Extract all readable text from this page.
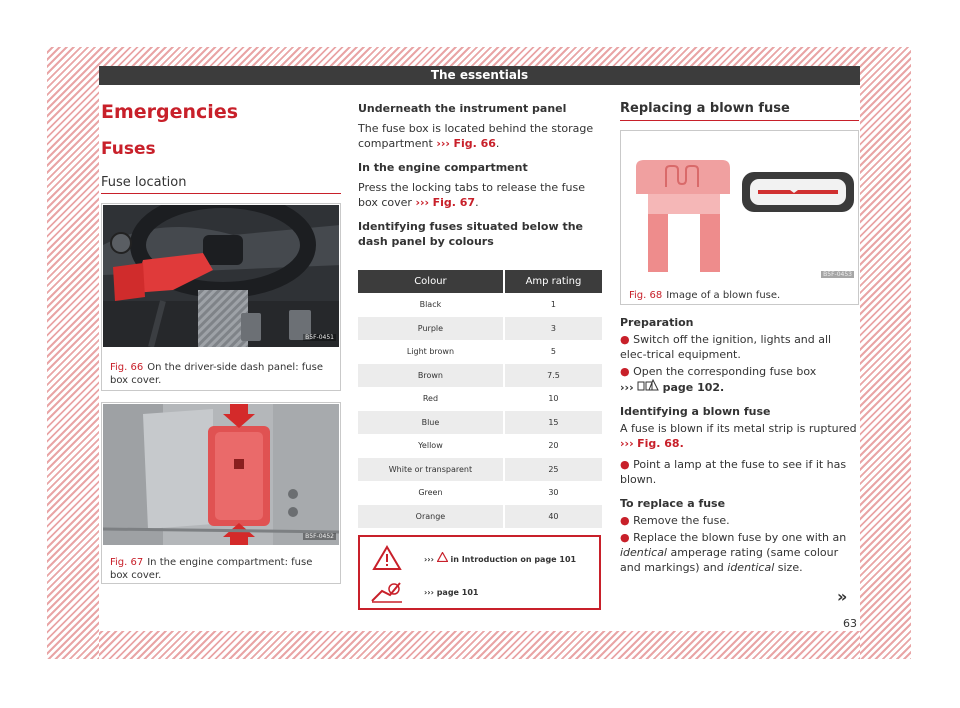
The essentials
Emergencies
Fuses
Fuse location
B5F-0451
Fig. 66 On the driver-side dash panel: fuse box cover.
B5F-0452
Fig. 67 In the engine compartment: fuse box cover.
Underneath the instrument panel
The fuse box is located behind the storage compartment ››› Fig. 66.
In the engine compartment
Press the locking tabs to release the fuse box cover ››› Fig. 67.
Identifying fuses situated below the dash panel by colours
Colour	Amp rating
Black	1
Purple	3
Light brown	5
Brown	7.5
Red	10
Blue	15
Yellow	20
White or transparent	25
Green	30
Orange	40
››› in Introduction on page 101
››› page 101
Replacing a blown fuse
B5F-0453
Fig. 68 Image of a blown fuse.

Preparation

● Switch off the ignition, lights and all elec-trical equipment.

● Open the corresponding fuse box
›››	page 102.

Identifying a blown fuse

A fuse is blown if its metal strip is ruptured
››› Fig. 68.

● Point a lamp at the fuse to see if it has blown.

To replace a fuse

● Remove the fuse.

● Replace the blown fuse by one with an identical amperage rating (same colour and markings) and identical size.

»
63
